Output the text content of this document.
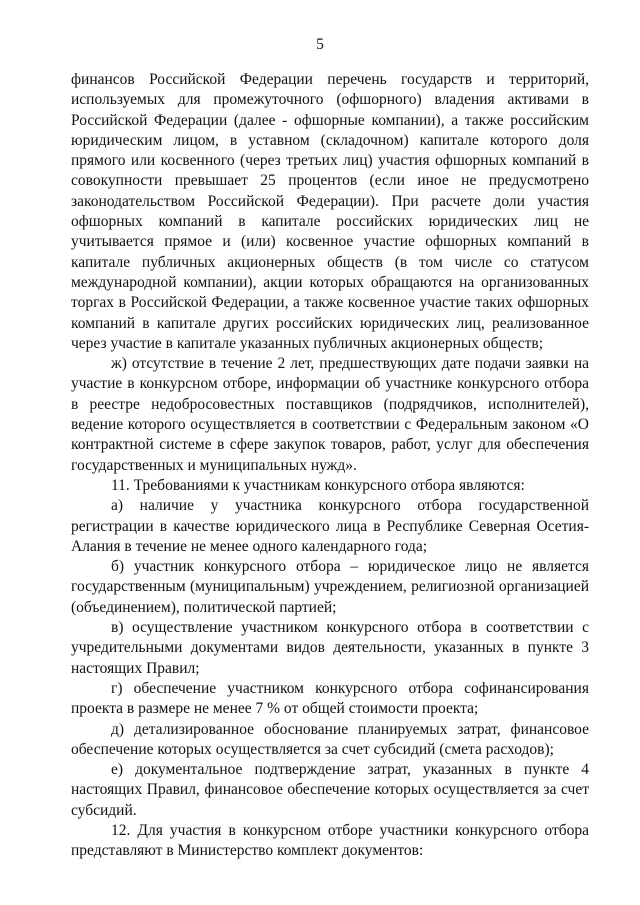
5

финансов Российской Федерации перечень государств и территорий, используемых для промежуточного (офшорного) владения активами в Российской Федерации (далее - офшорные компании), а также российским юридическим лицом, в уставном (складочном) капитале которого доля прямого или косвенного (через третьих лиц) участия офшорных компаний в совокупности превышает 25 процентов (если иное не предусмотрено законодательством Российской Федерации). При расчете доли участия офшорных компаний в капитале российских юридических лиц не учитывается прямое и (или) косвенное участие офшорных компаний в капитале публичных акционерных обществ (в том числе со статусом международной компании), акции которых обращаются на организованных торгах в Российской Федерации, а также косвенное участие таких офшорных компаний в капитале других российских юридических лиц, реализованное через участие в капитале указанных публичных акционерных обществ;

ж) отсутствие в течение 2 лет, предшествующих дате подачи заявки на участие в конкурсном отборе, информации об участнике конкурсного отбора в реестре недобросовестных поставщиков (подрядчиков, исполнителей), ведение которого осуществляется в соответствии с Федеральным законом «О контрактной системе в сфере закупок товаров, работ, услуг для обеспечения государственных и муниципальных нужд».

11. Требованиями к участникам конкурсного отбора являются:

а) наличие у участника конкурсного отбора государственной регистрации в качестве юридического лица в Республике Северная Осетия-Алания в течение не менее одного календарного года;

б) участник конкурсного отбора – юридическое лицо не является государственным (муниципальным) учреждением, религиозной организацией (объединением), политической партией;

в) осуществление участником конкурсного отбора в соответствии с учредительными документами видов деятельности, указанных в пункте 3 настоящих Правил;

г) обеспечение участником конкурсного отбора софинансирования проекта в размере не менее 7 % от общей стоимости проекта;

д) детализированное обоснование планируемых затрат, финансовое обеспечение которых осуществляется за счет субсидий (смета расходов);

е) документальное подтверждение затрат, указанных в пункте 4 настоящих Правил, финансовое обеспечение которых осуществляется за счет субсидий.

12. Для участия в конкурсном отборе участники конкурсного отбора представляют в Министерство комплект документов:
